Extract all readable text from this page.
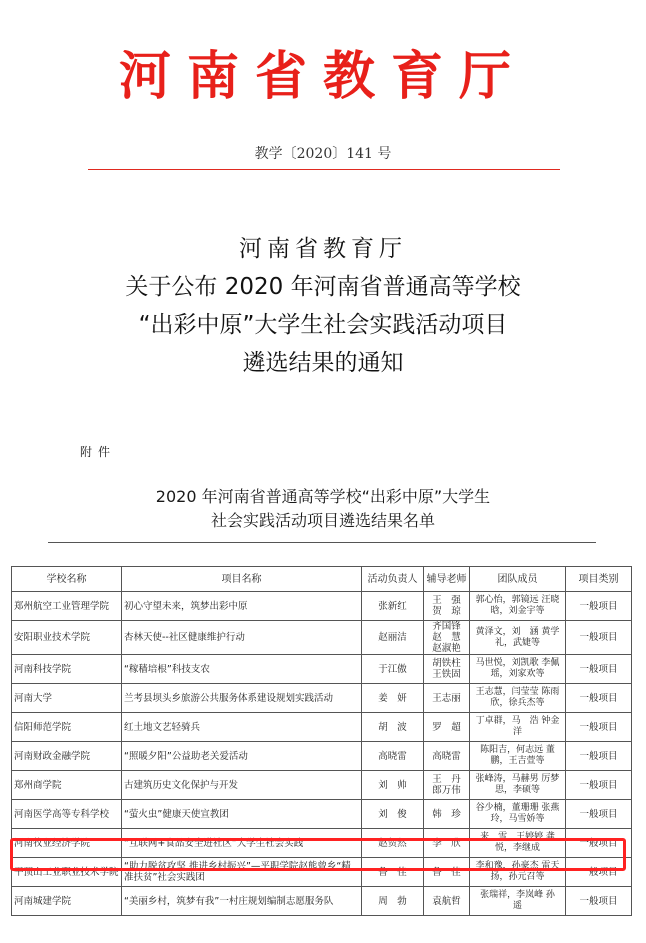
河南省教育厅
教学〔2020〕141 号
河南省教育厅
关于公布 2020 年河南省普通高等学校
“出彩中原”大学生社会实践活动项目
遴选结果的通知
附件
2020 年河南省普通高等学校“出彩中原”大学生
社会实践活动项目遴选结果名单
学校名称	项目名称	活动负责人	辅导老师	团队成员	项目类别
郑州航空工业管理学院	初心守望未来，筑梦出彩中原	张新红	王　强 贺　琼	郭心怡，郭镜远 汪晓晗，刘金宇等	一般项目
安阳职业技术学院	杏林天使--社区健康维护行动	赵丽洁	齐国锋 赵　慧 赵淑艳	黄泽文，刘　涵 黄学礼，武婕等	一般项目
河南科技学院	“稼穑培根”科技支农	于江傲	胡铁柱 王铁固	马世悦，刘凯歌 李佩瑶，刘家欢等	一般项目
河南大学	兰考县坝头乡旅游公共服务体系建设规划实践活动	姜　妍	王志丽	王志慧，闫莹莹 陈雨欣，徐兵杰等	一般项目
信阳师范学院	红土地文艺轻骑兵	胡　波	罗　超	丁卓群，马　浩 钟金洋	一般项目
河南财政金融学院	“照暖夕阳”公益助老关爱活动	高晓雷	高晓雷	陈阳吉，何志远 董　鹏，王吉萱等	一般项目
郑州商学院	古建筑历史文化保护与开发	刘　帅	王　丹 郎万伟	张峰涛，马赫男 厉梦思，李硕等	一般项目
河南医学高等专科学校	“萤火虫”健康天使宣教团	刘　俊	韩　珍	谷少楠，董珊珊 张燕玲，马雪娇等	一般项目
河南牧业经济学院	“互联网+食品安全进社区”大学生社会实践	赵贺然	李　欣	来　雪，王婷婷 龚　悦，李继成	一般项目
平顶山工业职业技术学院	“助力脱贫攻坚 推进乡村振兴”—平职学院赵熊曾乡“精准扶贫”社会实践团	鲁　佳	鲁　佳	李和豫，孙豪杰 雷天扬，孙元召等	一般项目
河南城建学院	“美丽乡村，筑梦有我”一村庄规划编制志愿服务队	周　勃	袁航哲	张瑞祥，李岚峰 孙　遥	一般项目
